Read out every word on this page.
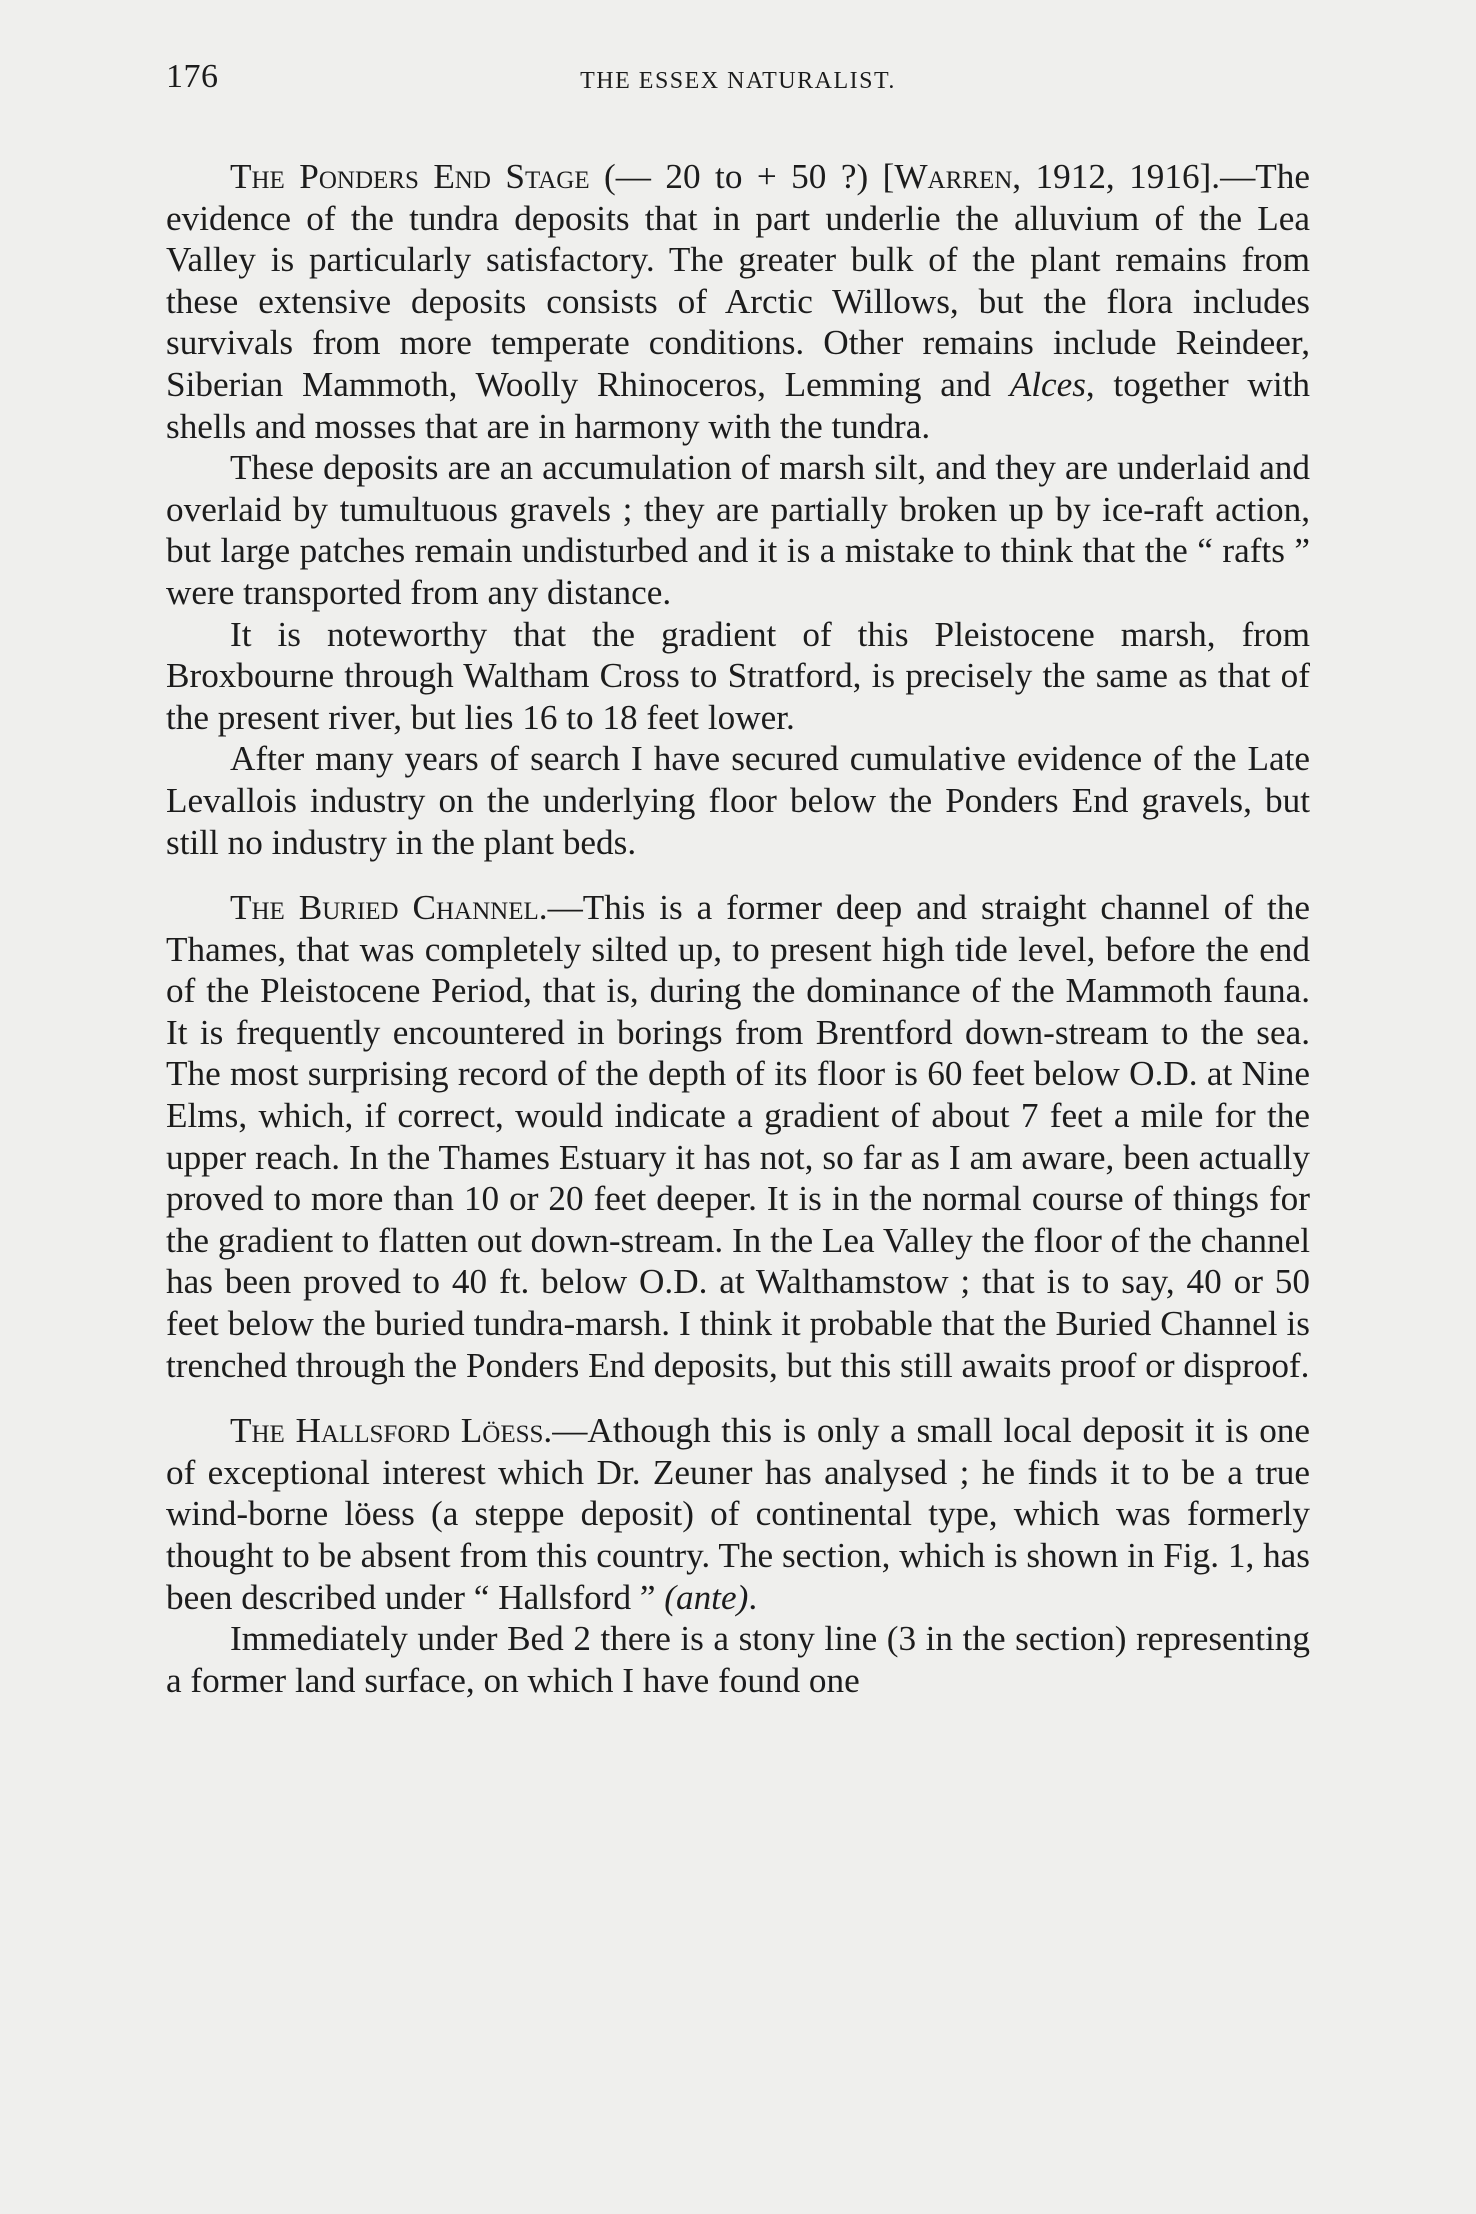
176	THE ESSEX NATURALIST.

The Ponders End Stage (— 20 to + 50 ?) [Warren, 1912, 1916].—The evidence of the tundra deposits that in part underlie the alluvium of the Lea Valley is particularly satisfactory. The greater bulk of the plant remains from these extensive deposits consists of Arctic Willows, but the flora includes survivals from more temperate conditions. Other remains include Reindeer, Siberian Mammoth, Woolly Rhinoceros, Lemming and Alces, together with shells and mosses that are in harmony with the tundra.

These deposits are an accumulation of marsh silt, and they are underlaid and overlaid by tumultuous gravels ; they are partially broken up by ice-raft action, but large patches remain undisturbed and it is a mistake to think that the “ rafts ” were transported from any distance.

It is noteworthy that the gradient of this Pleistocene marsh, from Broxbourne through Waltham Cross to Stratford, is precisely the same as that of the present river, but lies 16 to 18 feet lower.

After many years of search I have secured cumulative evidence of the Late Levallois industry on the underlying floor below the Ponders End gravels, but still no industry in the plant beds.

The Buried Channel.—This is a former deep and straight channel of the Thames, that was completely silted up, to present high tide level, before the end of the Pleistocene Period, that is, during the dominance of the Mammoth fauna. It is frequently encountered in borings from Brentford down-stream to the sea. The most surprising record of the depth of its floor is 60 feet below O.D. at Nine Elms, which, if correct, would indicate a gradient of about 7 feet a mile for the upper reach. In the Thames Estuary it has not, so far as I am aware, been actually proved to more than 10 or 20 feet deeper. It is in the normal course of things for the gradient to flatten out down-stream. In the Lea Valley the floor of the channel has been proved to 40 ft. below O.D. at Walthamstow ; that is to say, 40 or 50 feet below the buried tundra-marsh. I think it probable that the Buried Channel is trenched through the Ponders End deposits, but this still awaits proof or disproof.

The Hallsford Löess.—Athough this is only a small local deposit it is one of exceptional interest which Dr. Zeuner has analysed ; he finds it to be a true wind-borne löess (a steppe deposit) of continental type, which was formerly thought to be absent from this country. The section, which is shown in Fig. 1, has been described under “ Hallsford ” (ante).

Immediately under Bed 2 there is a stony line (3 in the section) representing a former land surface, on which I have found one
